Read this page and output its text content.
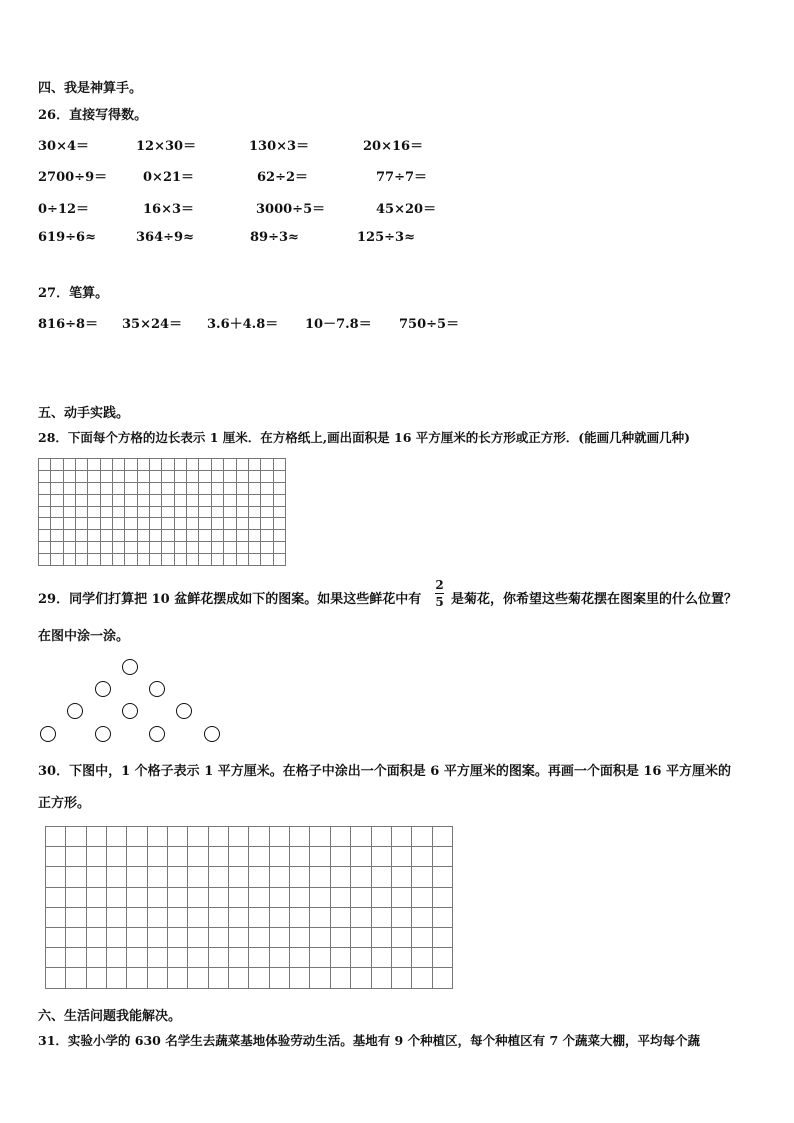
四、我是神算手。
26．直接写得数。
30×4＝	12×30＝	130×3＝	20×16＝
2700÷9＝	0×21＝	62÷2＝	77÷7＝
0÷12＝	16×3＝	3000÷5＝	45×20＝
619÷6≈	364÷9≈	89÷3≈	125÷3≈
27．笔算。
816÷8＝ 35×24＝ 3.6＋4.8＝ 10－7.8＝ 750÷5＝
五、动手实践。
28．下面每个方格的边长表示 1 厘米．在方格纸上,画出面积是 16 平方厘米的长方形或正方形．(能画几种就画几种)
29．同学们打算把 10 盆鲜花摆成如下的图案。如果这些鲜花中有
2
5 是菊花，你希望这些菊花摆在图案里的什么位置？
在图中涂一涂。
30．下图中，1 个格子表示 1 平方厘米。在格子中涂出一个面积是 6 平方厘米的图案。再画一个面积是 16 平方厘米的
正方形。
六、生活问题我能解决。
31．实验小学的 630 名学生去蔬菜基地体验劳动生活。基地有 9 个种植区，每个种植区有 7 个蔬菜大棚，平均每个蔬
